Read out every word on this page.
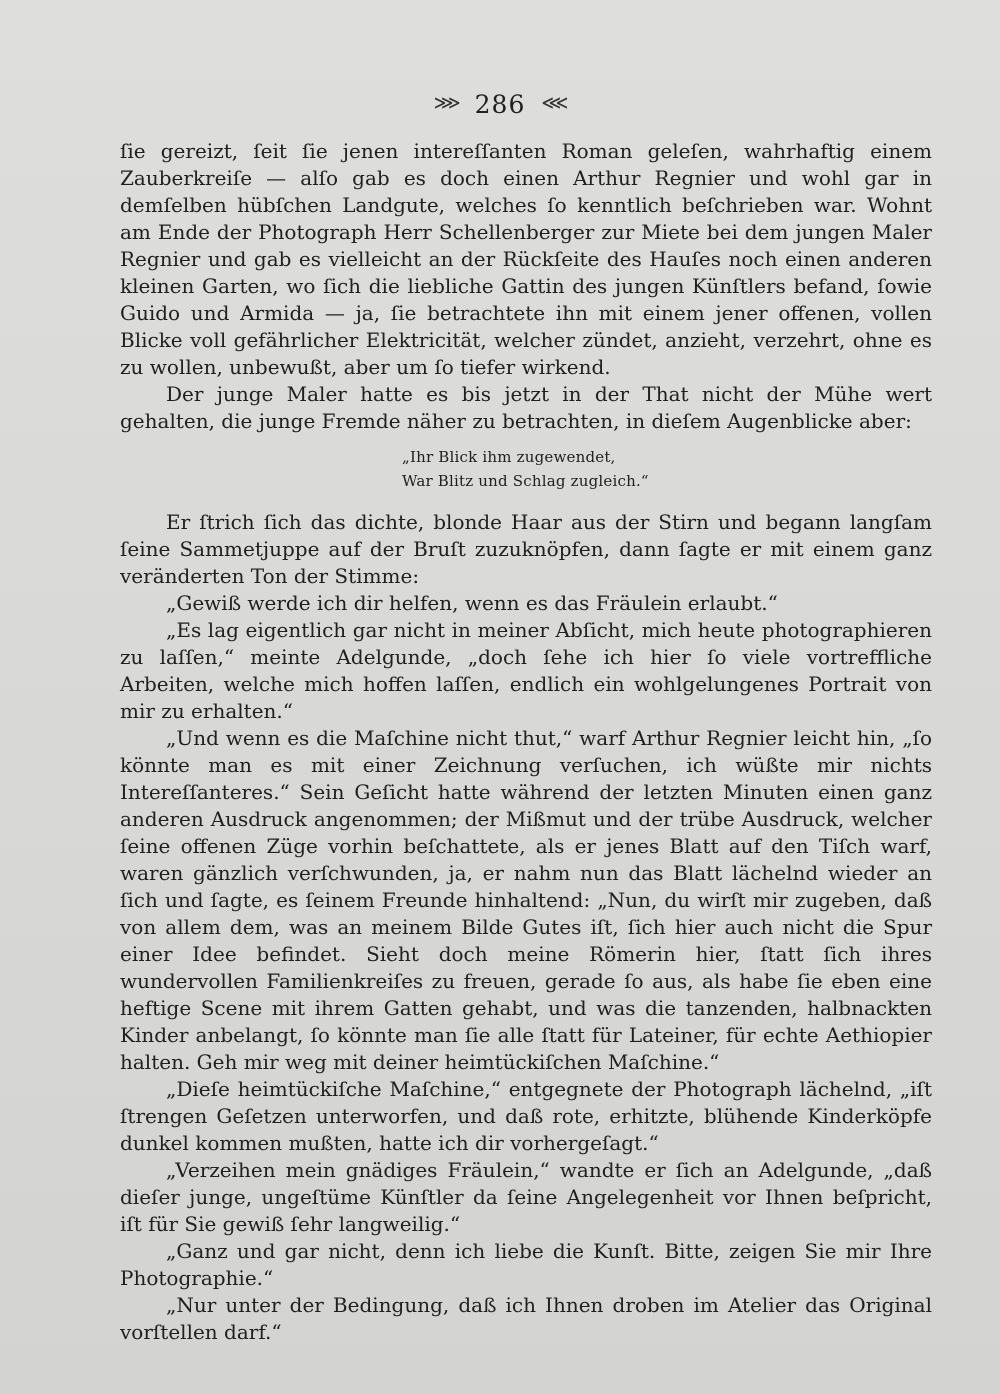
⋙ 286 ⋘

ſie gereizt, ſeit ſie jenen intereſſanten Roman geleſen, wahrhaftig einem Zauberkreiſe — alſo gab es doch einen Arthur Regnier und wohl gar in demſelben hübſchen Landgute, welches ſo kenntlich beſchrieben war. Wohnt am Ende der Photograph Herr Schellenberger zur Miete bei dem jungen Maler Regnier und gab es vielleicht an der Rückſeite des Hauſes noch einen anderen kleinen Garten, wo ſich die liebliche Gattin des jungen Künſtlers befand, ſowie Guido und Armida — ja, ſie betrachtete ihn mit einem jener offenen, vollen Blicke voll gefährlicher Elektricität, welcher zündet, anzieht, verzehrt, ohne es zu wollen, unbewußt, aber um ſo tiefer wirkend.

Der junge Maler hatte es bis jetzt in der That nicht der Mühe wert gehalten, die junge Fremde näher zu betrachten, in dieſem Augenblicke aber:

„Ihr Blick ihm zugewendet,
War Blitz und Schlag zugleich.“

Er ſtrich ſich das dichte, blonde Haar aus der Stirn und begann langſam ſeine Sammetjuppe auf der Bruſt zuzuknöpfen, dann ſagte er mit einem ganz veränderten Ton der Stimme:

„Gewiß werde ich dir helfen, wenn es das Fräulein erlaubt.“

„Es lag eigentlich gar nicht in meiner Abſicht, mich heute photographieren zu laſſen,“ meinte Adelgunde, „doch ſehe ich hier ſo viele vortreffliche Arbeiten, welche mich hoffen laſſen, endlich ein wohlgelungenes Portrait von mir zu erhalten.“

„Und wenn es die Maſchine nicht thut,“ warf Arthur Regnier leicht hin, „ſo könnte man es mit einer Zeichnung verſuchen, ich wüßte mir nichts Intereſſanteres.“ Sein Geſicht hatte während der letzten Minuten einen ganz anderen Ausdruck angenommen; der Mißmut und der trübe Ausdruck, welcher ſeine offenen Züge vorhin beſchattete, als er jenes Blatt auf den Tiſch warf, waren gänzlich verſchwunden, ja, er nahm nun das Blatt lächelnd wieder an ſich und ſagte, es ſeinem Freunde hinhaltend: „Nun, du wirſt mir zugeben, daß von allem dem, was an meinem Bilde Gutes iſt, ſich hier auch nicht die Spur einer Idee befindet. Sieht doch meine Römerin hier, ſtatt ſich ihres wundervollen Familienkreiſes zu freuen, gerade ſo aus, als habe ſie eben eine heftige Scene mit ihrem Gatten gehabt, und was die tanzenden, halbnackten Kinder anbelangt, ſo könnte man ſie alle ſtatt für Lateiner, für echte Aethiopier halten. Geh mir weg mit deiner heimtückiſchen Maſchine.“

„Dieſe heimtückiſche Maſchine,“ entgegnete der Photograph lächelnd, „iſt ſtrengen Geſetzen unterworfen, und daß rote, erhitzte, blühende Kinderköpfe dunkel kommen mußten, hatte ich dir vorhergeſagt.“

„Verzeihen mein gnädiges Fräulein,“ wandte er ſich an Adelgunde, „daß dieſer junge, ungeſtüme Künſtler da ſeine Angelegenheit vor Ihnen beſpricht, iſt für Sie gewiß ſehr langweilig.“

„Ganz und gar nicht, denn ich liebe die Kunſt. Bitte, zeigen Sie mir Ihre Photographie.“

„Nur unter der Bedingung, daß ich Ihnen droben im Atelier das Original vorſtellen darf.“
